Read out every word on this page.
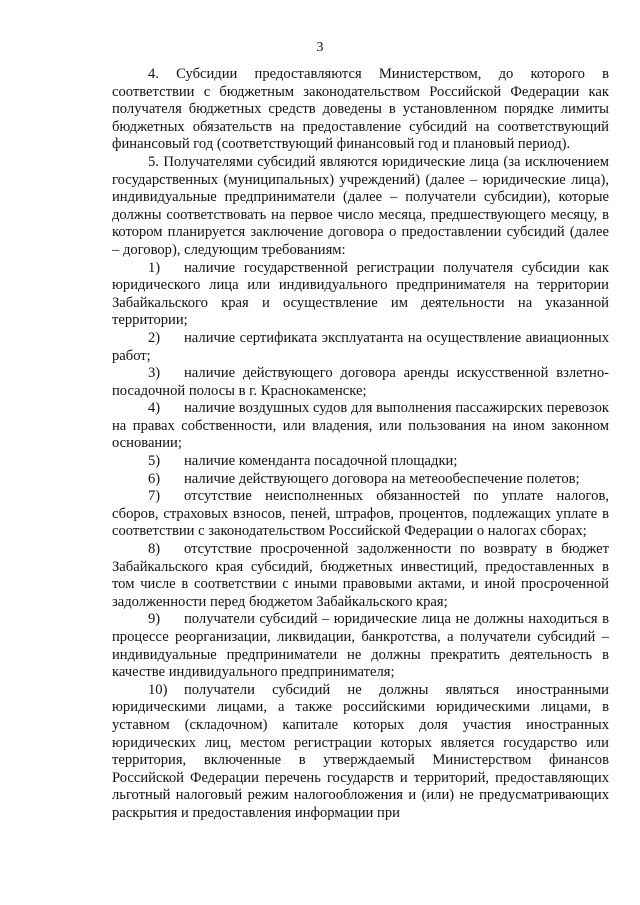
3

4. Субсидии предоставляются Министерством, до которого в соответствии с бюджетным законодательством Российской Федерации как получателя бюджетных средств доведены в установленном порядке лимиты бюджетных обязательств на предоставление субсидий на соответствующий финансовый год (соответствующий финансовый год и плановый период).

5. Получателями субсидий являются юридические лица (за исключением государственных (муниципальных) учреждений) (далее – юридические лица), индивидуальные предприниматели (далее – получатели субсидии), которые должны соответствовать на первое число месяца, предшествующего месяцу, в котором планируется заключение договора о предоставлении субсидий (далее – договор), следующим требованиям:

1) наличие государственной регистрации получателя субсидии как юридического лица или индивидуального предпринимателя на территории Забайкальского края и осуществление им деятельности на указанной территории;

2) наличие сертификата эксплуатанта на осуществление авиационных работ;

3) наличие действующего договора аренды искусственной взлетно-посадочной полосы в г. Краснокаменске;

4) наличие воздушных судов для выполнения пассажирских перевозок на правах собственности, или владения, или пользования на ином законном основании;

5) наличие коменданта посадочной площадки;

6) наличие действующего договора на метеообеспечение полетов;

7) отсутствие неисполненных обязанностей по уплате налогов, сборов, страховых взносов, пеней, штрафов, процентов, подлежащих уплате в соответствии с законодательством Российской Федерации о налогах сборах;

8) отсутствие просроченной задолженности по возврату в бюджет Забайкальского края субсидий, бюджетных инвестиций, предоставленных в том числе в соответствии с иными правовыми актами, и иной просроченной задолженности перед бюджетом Забайкальского края;

9) получатели субсидий – юридические лица не должны находиться в процессе реорганизации, ликвидации, банкротства, а получатели субсидий – индивидуальные предприниматели не должны прекратить деятельность в качестве индивидуального предпринимателя;

10) получатели субсидий не должны являться иностранными юридическими лицами, а также российскими юридическими лицами, в уставном (складочном) капитале которых доля участия иностранных юридических лиц, местом регистрации которых является государство или территория, включенные в утверждаемый Министерством финансов Российской Федерации перечень государств и территорий, предоставляющих льготный налоговый режим налогообложения и (или) не предусматривающих раскрытия и предоставления информации при
